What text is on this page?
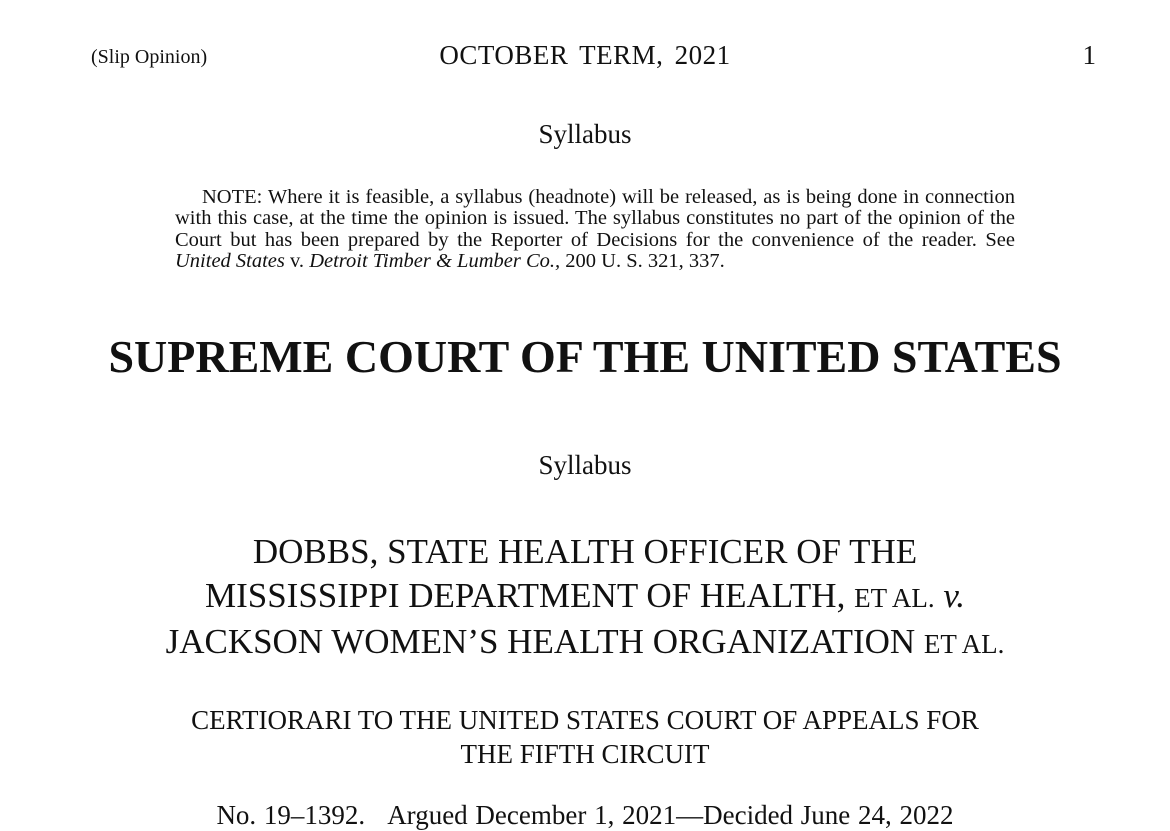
(Slip Opinion)	OCTOBER TERM, 2021	1
Syllabus
NOTE: Where it is feasible, a syllabus (headnote) will be released, as is being done in connection with this case, at the time the opinion is issued. The syllabus constitutes no part of the opinion of the Court but has been prepared by the Reporter of Decisions for the convenience of the reader. See United States v. Detroit Timber & Lumber Co., 200 U. S. 321, 337.
SUPREME COURT OF THE UNITED STATES
Syllabus
DOBBS, STATE HEALTH OFFICER OF THE
MISSISSIPPI DEPARTMENT OF HEALTH, ET AL. v.
JACKSON WOMEN’S HEALTH ORGANIZATION ET AL.
CERTIORARI TO THE UNITED STATES COURT OF APPEALS FOR
THE FIFTH CIRCUIT
No. 19–1392. Argued December 1, 2021—Decided June 24, 2022
